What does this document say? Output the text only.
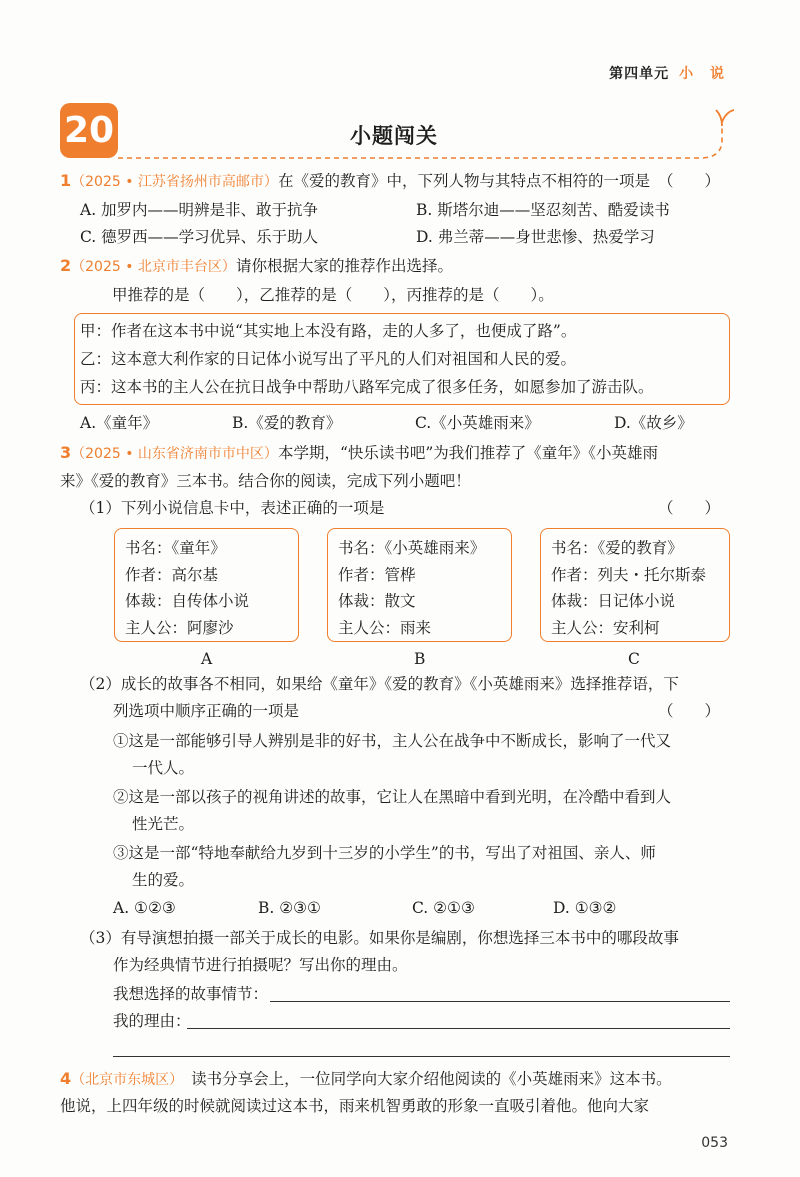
第四单元 小 说
20	小题闯关
1（2025 • 江苏省扬州市高邮市）在《爱的教育》中，下列人物与其特点不相符的一项是 （　　）
A. 加罗内——明辨是非、敢于抗争	B. 斯塔尔迪——坚忍刻苦、酷爱读书
C. 德罗西——学习优异、乐于助人	D. 弗兰蒂——身世悲惨、热爱学习
2（2025 • 北京市丰台区）请你根据大家的推荐作出选择。
甲推荐的是（　　），乙推荐的是（　　），丙推荐的是（　　）。
甲：作者在这本书中说“其实地上本没有路，走的人多了，也便成了路”。
乙：这本意大利作家的日记体小说写出了平凡的人们对祖国和人民的爱。
丙：这本书的主人公在抗日战争中帮助八路军完成了很多任务，如愿参加了游击队。
A.《童年》	B.《爱的教育》	C.《小英雄雨来》	D.《故乡》
3（2025 • 山东省济南市市中区）本学期，“快乐读书吧”为我们推荐了《童年》《小英雄雨
来》《爱的教育》三本书。结合你的阅读，完成下列小题吧！
（1）下列小说信息卡中，表述正确的一项是	（　　）
书名：《童年》
作者：高尔基
体裁：自传体小说
主人公：阿廖沙
书名：《小英雄雨来》
作者：管桦
体裁：散文
主人公：雨来
书名：《爱的教育》
作者：列夫・托尔斯泰
体裁：日记体小说
主人公：安利柯
A	B	C
（2）成长的故事各不相同，如果给《童年》《爱的教育》《小英雄雨来》选择推荐语，下
列选项中顺序正确的一项是	（　　）
①这是一部能够引导人辨别是非的好书，主人公在战争中不断成长，影响了一代又
一代人。
②这是一部以孩子的视角讲述的故事，它让人在黑暗中看到光明，在冷酷中看到人
性光芒。
③这是一部“特地奉献给九岁到十三岁的小学生”的书，写出了对祖国、亲人、师
生的爱。
A. ①②③	B. ②③①	C. ②①③	D. ①③②
（3）有导演想拍摄一部关于成长的电影。如果你是编剧，你想选择三本书中的哪段故事
作为经典情节进行拍摄呢？写出你的理由。
我想选择的故事情节：
我的理由：
4（北京市东城区） 读书分享会上，一位同学向大家介绍他阅读的《小英雄雨来》这本书。
他说，上四年级的时候就阅读过这本书，雨来机智勇敢的形象一直吸引着他。他向大家
053
